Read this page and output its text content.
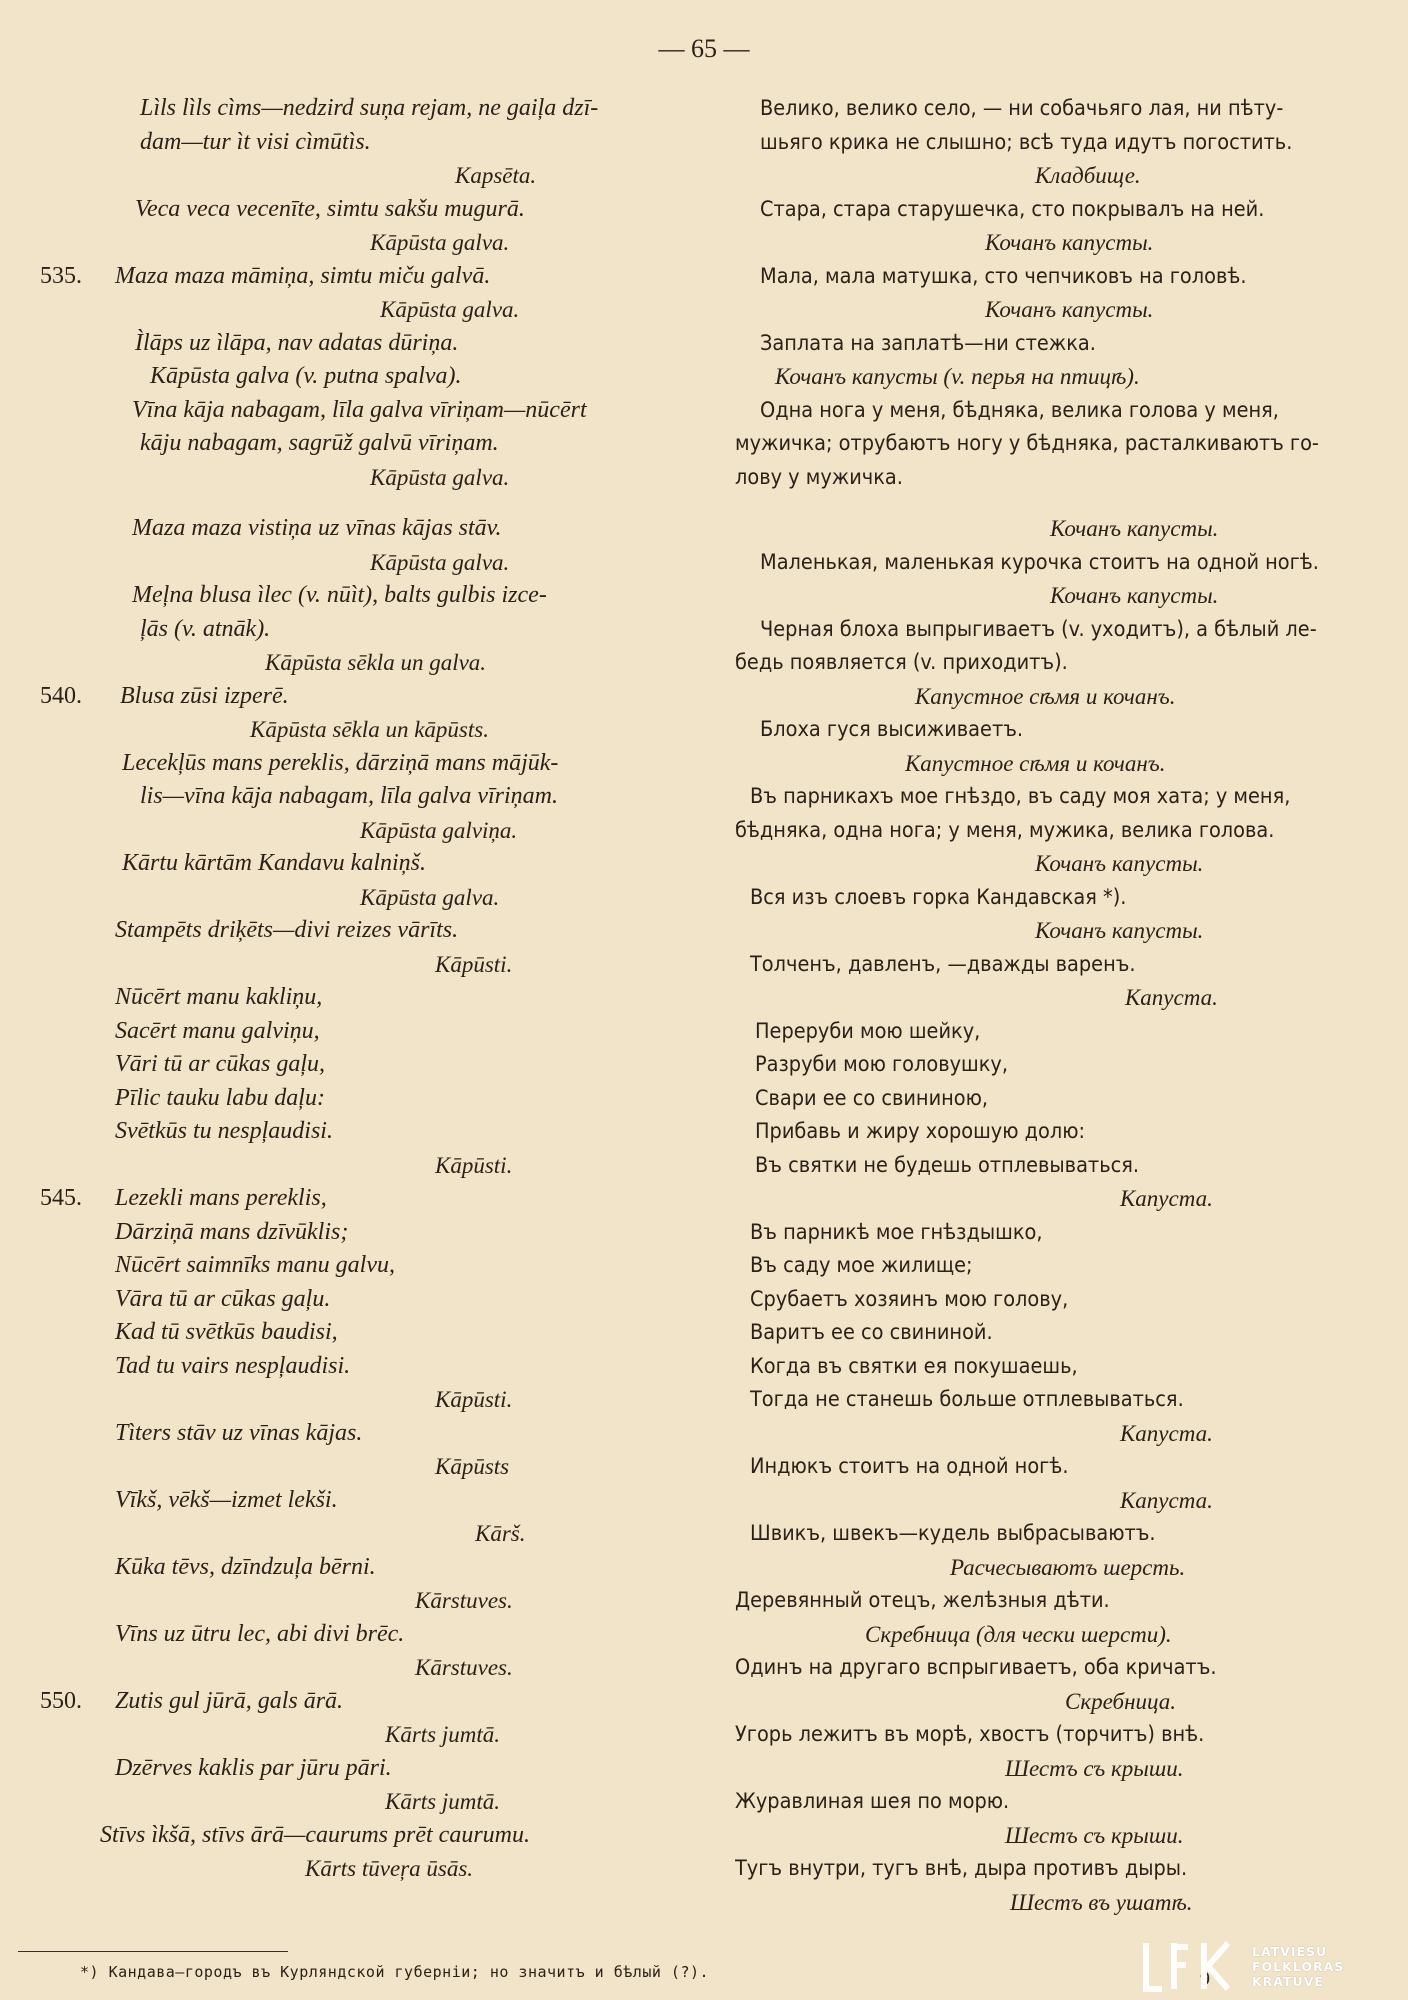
— 65 —
Lìls lìls cìms—nedzird suņa rejam, ne gaiļa dzī-
dam—tur ìt visi cìmūtìs.
Kapsēta.
Veca veca vecenīte, simtu sakšu mugurā.
Kāpūsta galva.
535. Maza maza māmiņa, simtu miču galvā.
Kāpūsta galva.
Ìlāps uz ìlāpa, nav adatas dūriņa.
Kāpūsta galva (v. putna spalva).
Vīna kāja nabagam, līla galva vīriņam—nūcērt
kāju nabagam, sagrūž galvū vīriņam.
Kāpūsta galva.
Maza maza vistiņa uz vīnas kājas stāv.
Kāpūsta galva.
Meļna blusa ìlec (v. nūìt), balts gulbis izce-
ļās (v. atnāk).
Kāpūsta sēkla un galva.
540. Blusa zūsi izperē.
Kāpūsta sēkla un kāpūsts.
Lecekļūs mans pereklis, dārziņā mans mājūk-
lis—vīna kāja nabagam, līla galva vīriņam.
Kāpūsta galviņa.
Kārtu kārtām Kandavu kalniņš.
Kāpūsta galva.
Stampēts driķēts—divi reizes vārīts.
Kāpūsti.
Nūcērt manu kakliņu,
Sacērt manu galviņu,
Vāri tū ar cūkas gaļu,
Pīlic tauku labu daļu:
Svētkūs tu nespļaudisi.
Kāpūsti.
545. Lezekli mans pereklis,
Dārziņā mans dzīvūklis;
Nūcērt saimnīks manu galvu,
Vāra tū ar cūkas gaļu.
Kad tū svētkūs baudisi,
Tad tu vairs nespļaudisi.
Kāpūsti.
Tìters stāv uz vīnas kājas.
Kāpūsts
Vīkš, vēkš—izmet lekši.
Kārš.
Kūka tēvs, dzīndzuļa bērni.
Kārstuves.
Vīns uz ūtru lec, abi divi brēc.
Kārstuves.
550. Zutis gul jūrā, gals ārā.
Kārts jumtā.
Dzērves kaklis par jūru pāri.
Kārts jumtā.
Stīvs ìkšā, stīvs ārā—caurums prēt caurumu.
Kārts tūveŗa ūsās.
Велико, велико село, — ни собачьяго лая, ни пѣту-
шьяго крика не слышно; всѣ туда идутъ погостить.
Кладбище.
Стара, стара старушечка, сто покрывалъ на ней.
Кочанъ капусты.
Мала, мала матушка, сто чепчиковъ на головѣ.
Кочанъ капусты.
Заплата на заплатѣ—ни стежка.
Кочанъ капусты (v. перья на птицѣ).
Одна нога у меня, бѣдняка, велика голова у меня,
мужичка; отрубаютъ ногу у бѣдняка, расталкиваютъ го-
лову у мужичка.
Кочанъ капусты.
Маленькая, маленькая курочка стоитъ на одной ногѣ.
Кочанъ капусты.
Черная блоха выпрыгиваетъ (v. уходитъ), а бѣлый ле-
бедь появляется (v. приходитъ).
Капустное сѣмя и кочанъ.
Блоха гуся высиживаетъ.
Капустное сѣмя и кочанъ.
Въ парникахъ мое гнѣздо, въ саду моя хата; у меня,
бѣдняка, одна нога; у меня, мужика, велика голова.
Кочанъ капусты.
Вся изъ слоевъ горка Кандавская *).
Кочанъ капусты.
Толченъ, давленъ, —дважды варенъ.
Капуста.
Переруби мою шейку,
Разруби мою головушку,
Свари ее со свининою,
Прибавь и жиру хорошую долю:
Въ святки не будешь отплевываться.
Капуста.
Въ парникѣ мое гнѣздышко,
Въ саду мое жилище;
Срубаетъ хозяинъ мою голову,
Варитъ ее со свининой.
Когда въ святки ея покушаешь,
Тогда не станешь больше отплевываться.
Капуста.
Индюкъ стоитъ на одной ногѣ.
Капуста.
Швикъ, швекъ—кудель выбрасываютъ.
Расчесываютъ шерсть.
Деревянный отецъ, желѣзныя дѣти.
Скребница (для чески шерсти).
Одинъ на другаго вспрыгиваетъ, оба кричатъ.
Скребница.
Угорь лежитъ въ морѣ, хвостъ (торчитъ) внѣ.
Шестъ съ крыши.
Журавлиная шея по морю.
Шестъ съ крыши.
Тугъ внутри, тугъ внѣ, дыра противъ дыры.
Шестъ въ ушатѣ.
*) Кандава—городъ въ Курляндской губерніи; но значитъ и бѣлый (?).	9
LATVIEŠU
FOLKLORAS
KRĀTUVE
